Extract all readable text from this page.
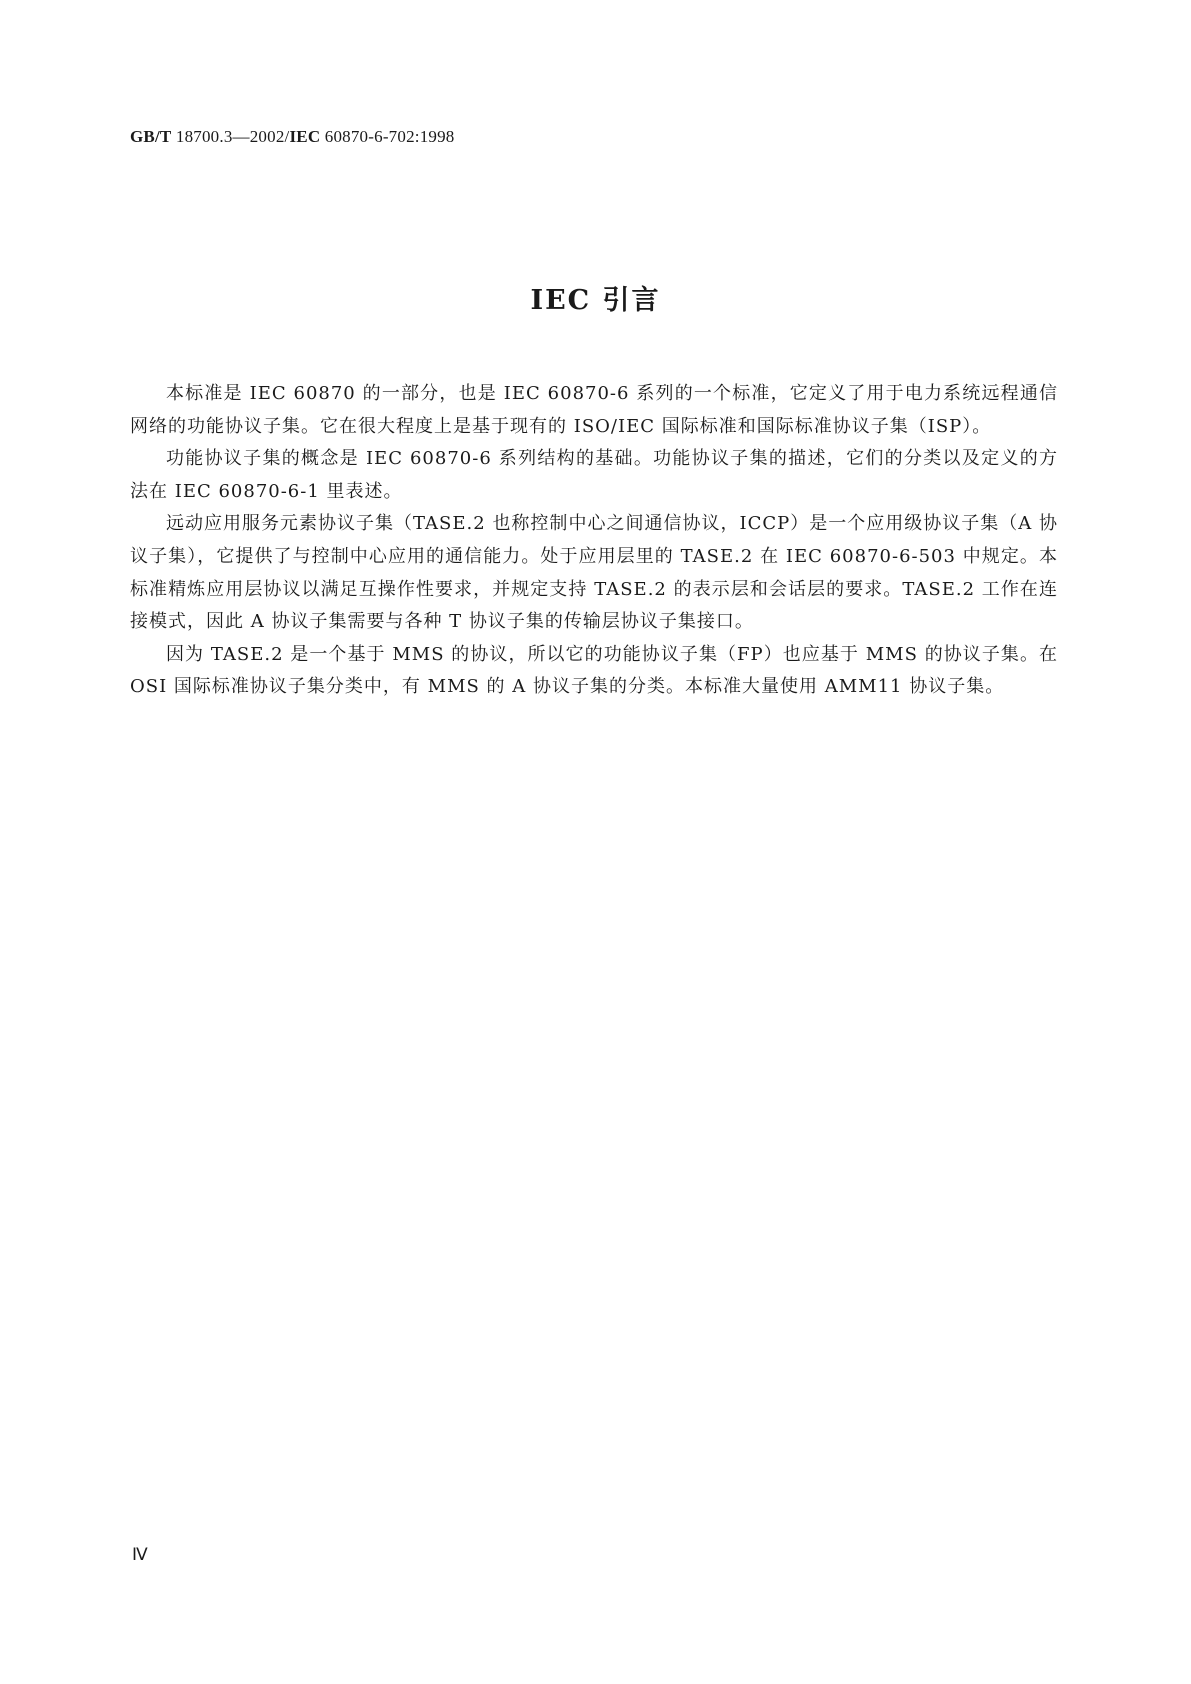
GB/T 18700.3—2002/IEC 60870-6-702:1998
IEC 引言

本标准是 IEC 60870 的一部分，也是 IEC 60870-6 系列的一个标准，它定义了用于电力系统远程通信网络的功能协议子集。它在很大程度上是基于现有的 ISO/IEC 国际标准和国际标准协议子集（ISP）。

功能协议子集的概念是 IEC 60870-6 系列结构的基础。功能协议子集的描述，它们的分类以及定义的方法在 IEC 60870-6-1 里表述。

远动应用服务元素协议子集（TASE.2 也称控制中心之间通信协议，ICCP）是一个应用级协议子集（A 协议子集），它提供了与控制中心应用的通信能力。处于应用层里的 TASE.2 在 IEC 60870-6-503 中规定。本标准精炼应用层协议以满足互操作性要求，并规定支持 TASE.2 的表示层和会话层的要求。TASE.2 工作在连接模式，因此 A 协议子集需要与各种 T 协议子集的传输层协议子集接口。

因为 TASE.2 是一个基于 MMS 的协议，所以它的功能协议子集（FP）也应基于 MMS 的协议子集。在 OSI 国际标准协议子集分类中，有 MMS 的 A 协议子集的分类。本标准大量使用 AMM11 协议子集。

Ⅳ
